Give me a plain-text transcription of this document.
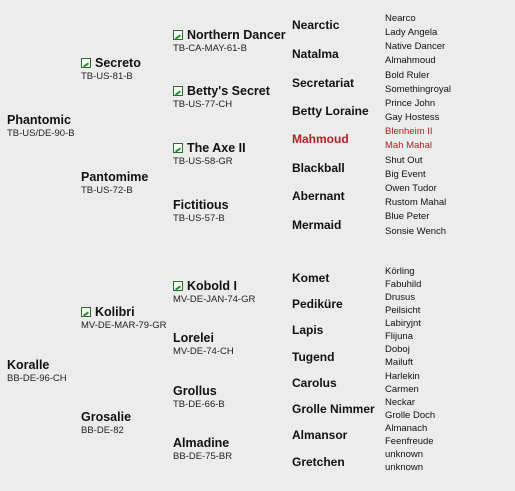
Phantomic
TB-US/DE-90-B
Koralle
BB-DE-96-CH
Secreto
TB-US-81-B
Pantomime
TB-US-72-B
Kolibri
MV-DE-MAR-79-GR
Grosalie
BB-DE-82
Northern Dancer
TB-CA-MAY-61-B
Betty's Secret
TB-US-77-CH
The Axe II
TB-US-58-GR
Fictitious
TB-US-57-B
Kobold I
MV-DE-JAN-74-GR
Lorelei
MV-DE-74-CH
Grollus
TB-DE-66-B
Almadine
BB-DE-75-BR
Nearctic
Natalma
Secretariat
Betty Loraine
Mahmoud
Blackball
Abernant
Mermaid
Komet
Pediküre
Lapis
Tugend
Carolus
Grolle Nimmer
Almansor
Gretchen
Nearco
Lady Angela
Native Dancer
Almahmoud
Bold Ruler
Somethingroyal
Prince John
Gay Hostess
Blenheim II
Mah Mahal
Shut Out
Big Event
Owen Tudor
Rustom Mahal
Blue Peter
Sonsie Wench
Körling
Fabuhild
Drusus
Peilsicht
Labiryjnt
Flijuna
Doboj
Mailuft
Harlekin
Carmen
Neckar
Grolle Doch
Almanach
Feenfreude
unknown
unknown
